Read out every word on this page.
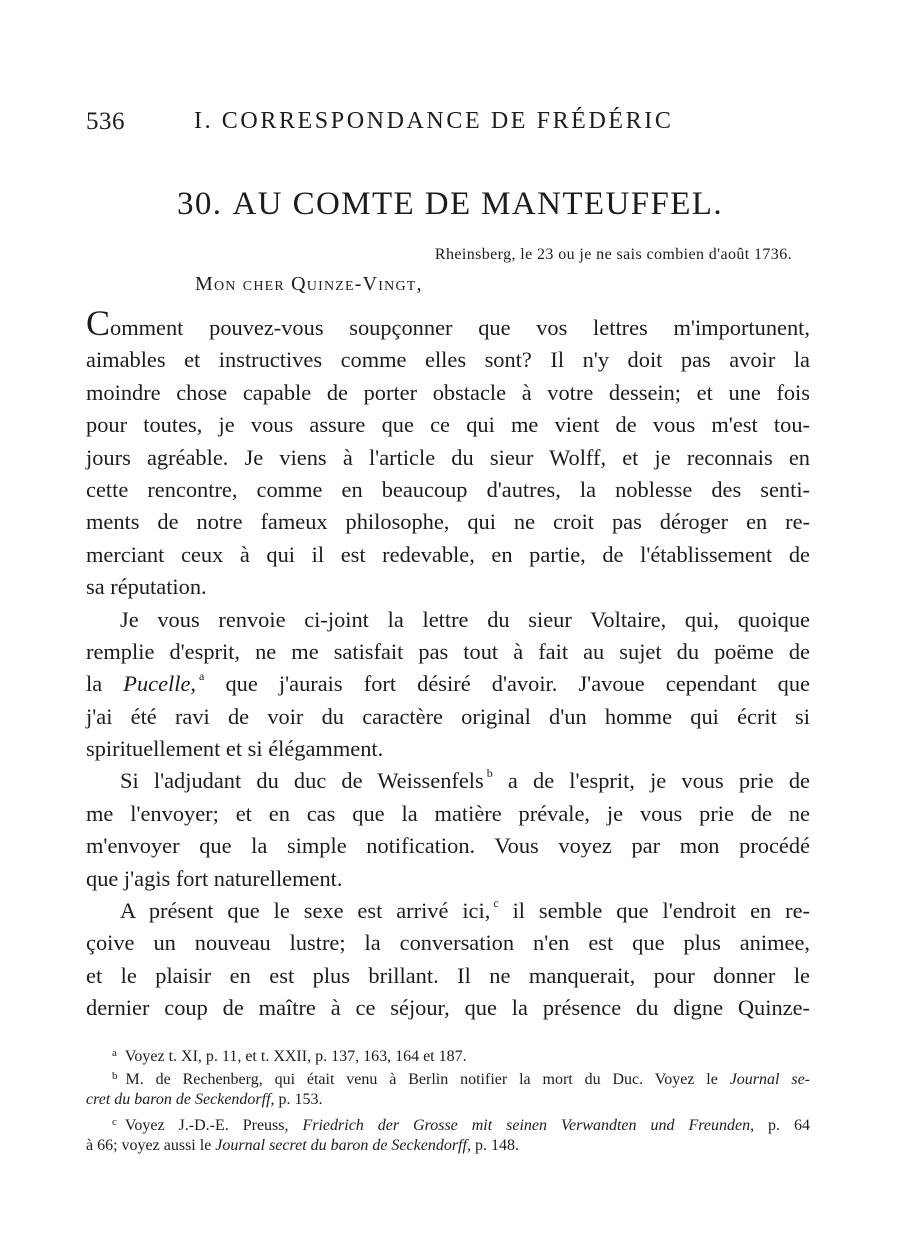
536	I. CORRESPONDANCE DE FRÉDÉRIC
30. AU COMTE DE MANTEUFFEL.
Rheinsberg, le 23 ou je ne sais combien d'août 1736.
Mon cher Quinze-Vingt,
Comment pouvez-vous soupçonner que vos lettres m'importunent,
aimables et instructives comme elles sont? Il n'y doit pas avoir la
moindre chose capable de porter obstacle à votre dessein; et une fois
pour toutes, je vous assure que ce qui me vient de vous m'est tou-
jours agréable. Je viens à l'article du sieur Wolff, et je reconnais en
cette rencontre, comme en beaucoup d'autres, la noblesse des senti-
ments de notre fameux philosophe, qui ne croit pas déroger en re-
merciant ceux à qui il est redevable, en partie, de l'établissement de
sa réputation.
Je vous renvoie ci-joint la lettre du sieur Voltaire, qui, quoique
remplie d'esprit, ne me satisfait pas tout à fait au sujet du poëme de
la Pucelle, $^a$ que j'aurais fort désiré d'avoir. J'avoue cependant que
j'ai été ravi de voir du caractère original d'un homme qui écrit si
spirituellement et si élégamment.
Si l'adjudant du duc de Weissenfels $^b$ a de l'esprit, je vous prie de
me l'envoyer; et en cas que la matière prévale, je vous prie de ne
m'envoyer que la simple notification. Vous voyez par mon procédé
que j'agis fort naturellement.
A présent que le sexe est arrivé ici, $^c$ il semble que l'endroit en re-
çoive un nouveau lustre; la conversation n'en est que plus animee,
et le plaisir en est plus brillant. Il ne manquerait, pour donner le
dernier coup de maître à ce séjour, que la présence du digne Quinze-
$^a$ Voyez t. XI, p. 11, et t. XXII, p. 137, 163, 164 et 187.
$^b$ M. de Rechenberg, qui était venu à Berlin notifier la mort du Duc. Voyez le Journal se-
cret du baron de Seckendorff, p. 153.
$^c$ Voyez J.-D.-E. Preuss, Friedrich der Grosse mit seinen Verwandten und Freunden, p. 64
à 66; voyez aussi le Journal secret du baron de Seckendorff, p. 148.
